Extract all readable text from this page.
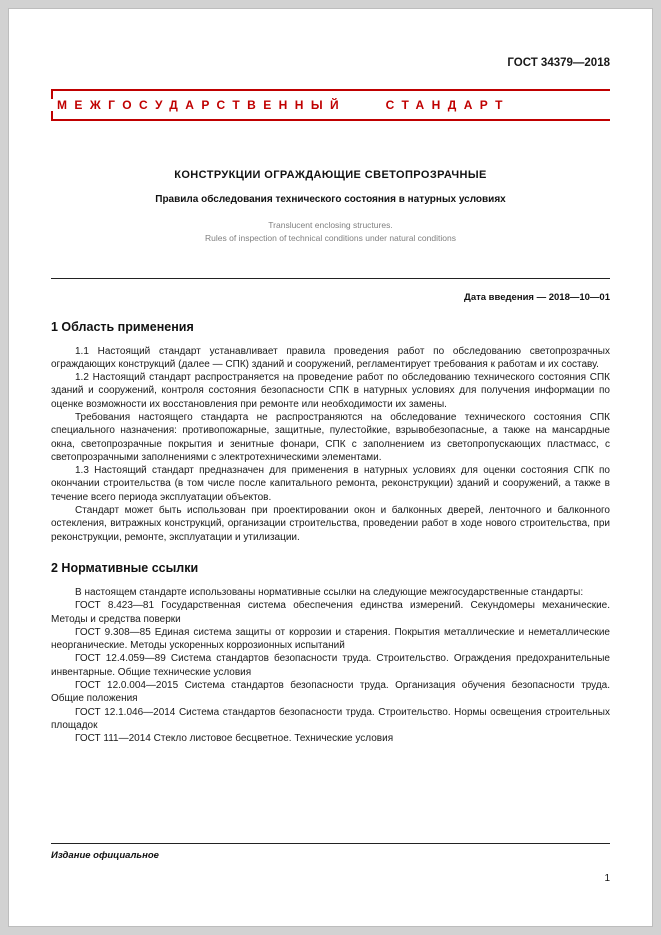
ГОСТ 34379—2018
МЕЖГОСУДАРСТВЕННЫЙ СТАНДАРТ
КОНСТРУКЦИИ ОГРАЖДАЮЩИЕ СВЕТОПРОЗРАЧНЫЕ
Правила обследования технического состояния в натурных условиях
Translucent enclosing structures.
Rules of inspection of technical conditions under natural conditions
Дата введения — 2018—10—01
1 Область применения

1.1 Настоящий стандарт устанавливает правила проведения работ по обследованию светопрозрачных ограждающих конструкций (далее — СПК) зданий и сооружений, регламентирует требования к работам и их составу.

1.2 Настоящий стандарт распространяется на проведение работ по обследованию технического состояния СПК зданий и сооружений, контроля состояния безопасности СПК в натурных условиях для получения информации по оценке возможности их восстановления при ремонте или необходимости их замены.

Требования настоящего стандарта не распространяются на обследование технического состояния СПК специального назначения: противопожарные, защитные, пулестойкие, взрывобезопасные, а также на мансардные окна, светопрозрачные покрытия и зенитные фонари, СПК с заполнением из светопропускающих пластмасс, с светопрозрачными заполнениями с электротехническими элементами.

1.3 Настоящий стандарт предназначен для применения в натурных условиях для оценки состояния СПК по окончании строительства (в том числе после капитального ремонта, реконструкции) зданий и сооружений, а также в течение всего периода эксплуатации объектов.

Стандарт может быть использован при проектировании окон и балконных дверей, ленточного и балконного остекления, витражных конструкций, организации строительства, проведении работ в ходе нового строительства, при реконструкции, ремонте, эксплуатации и утилизации.

2 Нормативные ссылки

В настоящем стандарте использованы нормативные ссылки на следующие межгосударственные стандарты:

ГОСТ 8.423—81 Государственная система обеспечения единства измерений. Секундомеры механические. Методы и средства поверки

ГОСТ 9.308—85 Единая система защиты от коррозии и старения. Покрытия металлические и неметаллические неорганические. Методы ускоренных коррозионных испытаний

ГОСТ 12.4.059—89 Система стандартов безопасности труда. Строительство. Ограждения предохранительные инвентарные. Общие технические условия

ГОСТ 12.0.004—2015 Система стандартов безопасности труда. Организация обучения безопасности труда. Общие положения

ГОСТ 12.1.046—2014 Система стандартов безопасности труда. Строительство. Нормы освещения строительных площадок

ГОСТ 111—2014 Стекло листовое бесцветное. Технические условия

Издание официальное
1
